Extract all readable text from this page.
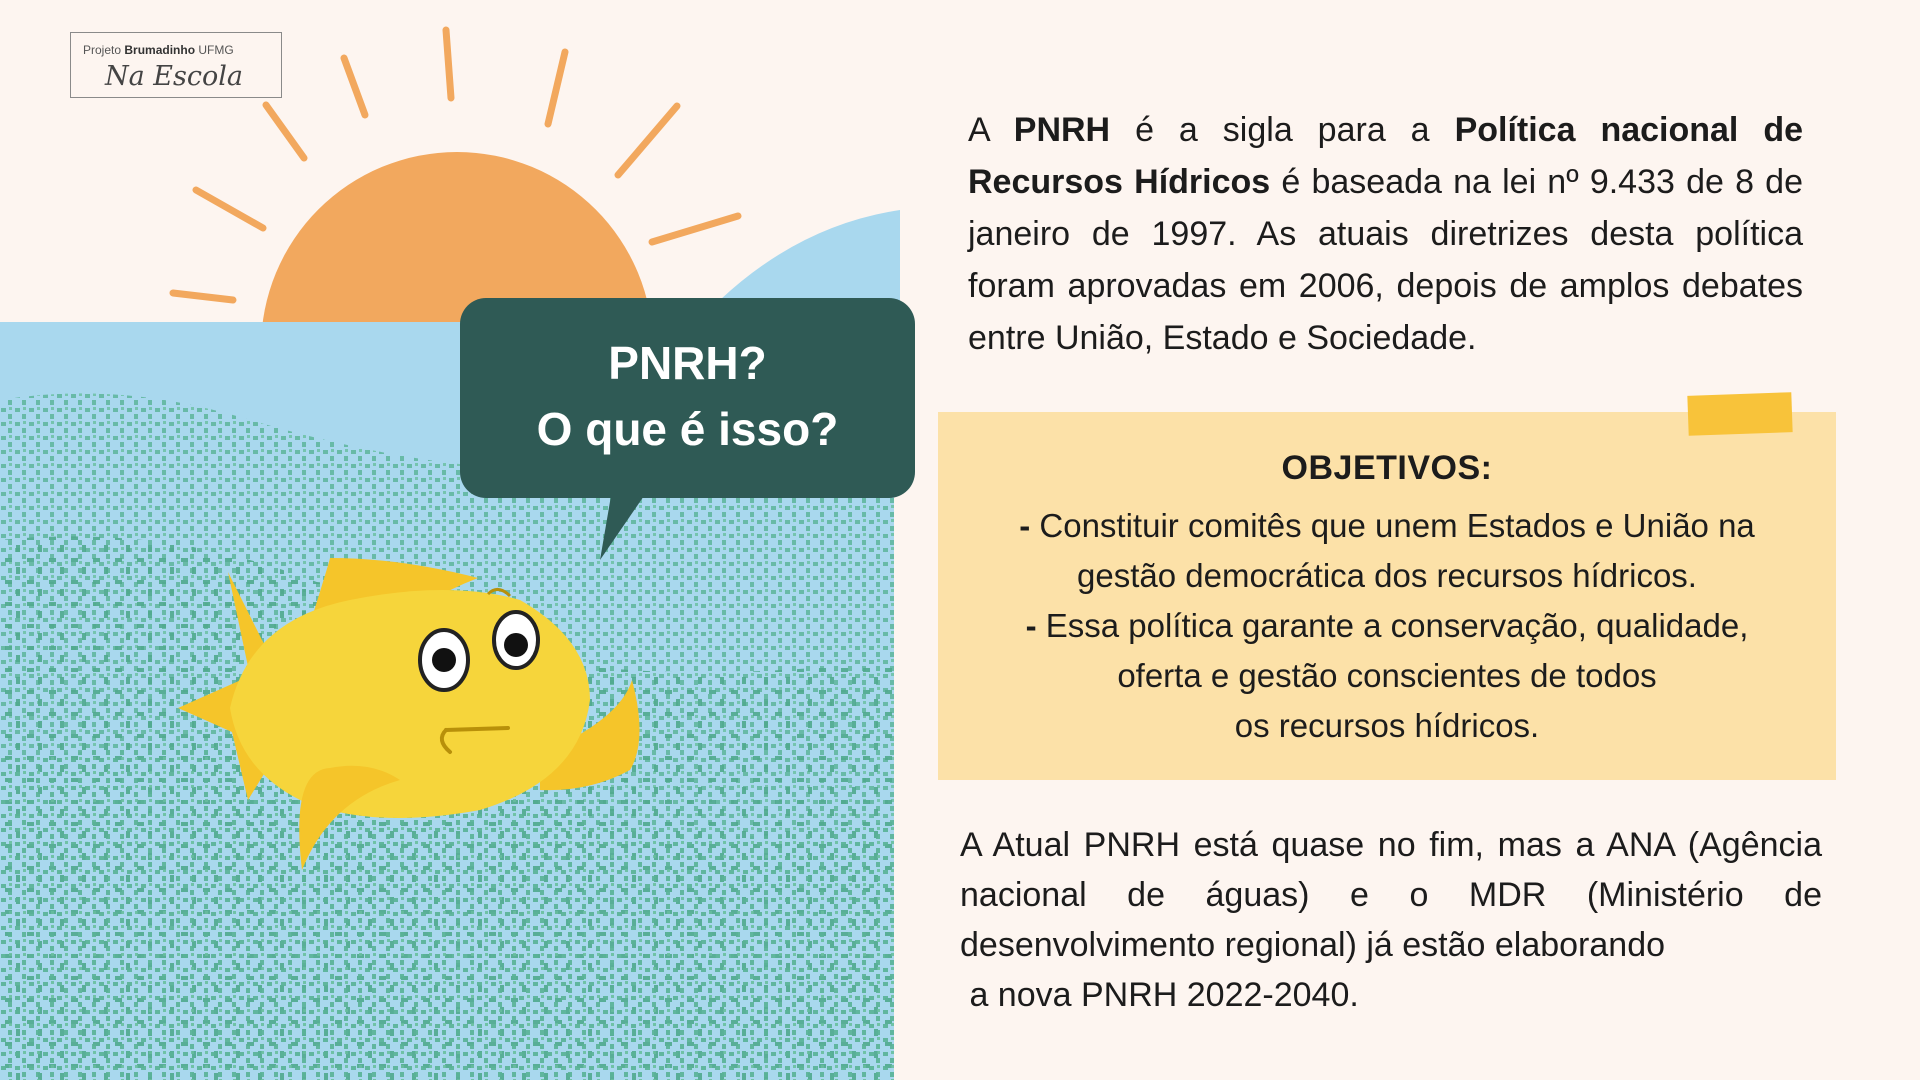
Projeto Brumadinho UFMG
Na Escola
PNRH?
O que é isso?
A PNRH é a sigla para a Política nacional de Recursos Hídricos é baseada na lei nº 9.433 de 8 de janeiro de 1997. As atuais diretrizes desta política foram aprovadas em 2006, depois de amplos debates entre União, Estado e Sociedade.
OBJETIVOS:
- Constituir comitês que unem Estados e União na
gestão democrática dos recursos hídricos.
- Essa política garante a conservação, qualidade,
oferta e gestão conscientes de todos
os recursos hídricos.
A Atual PNRH está quase no fim, mas a ANA (Agência
nacional de águas) e o MDR (Ministério de
desenvolvimento regional) já estão elaborando
a nova PNRH 2022-2040.
